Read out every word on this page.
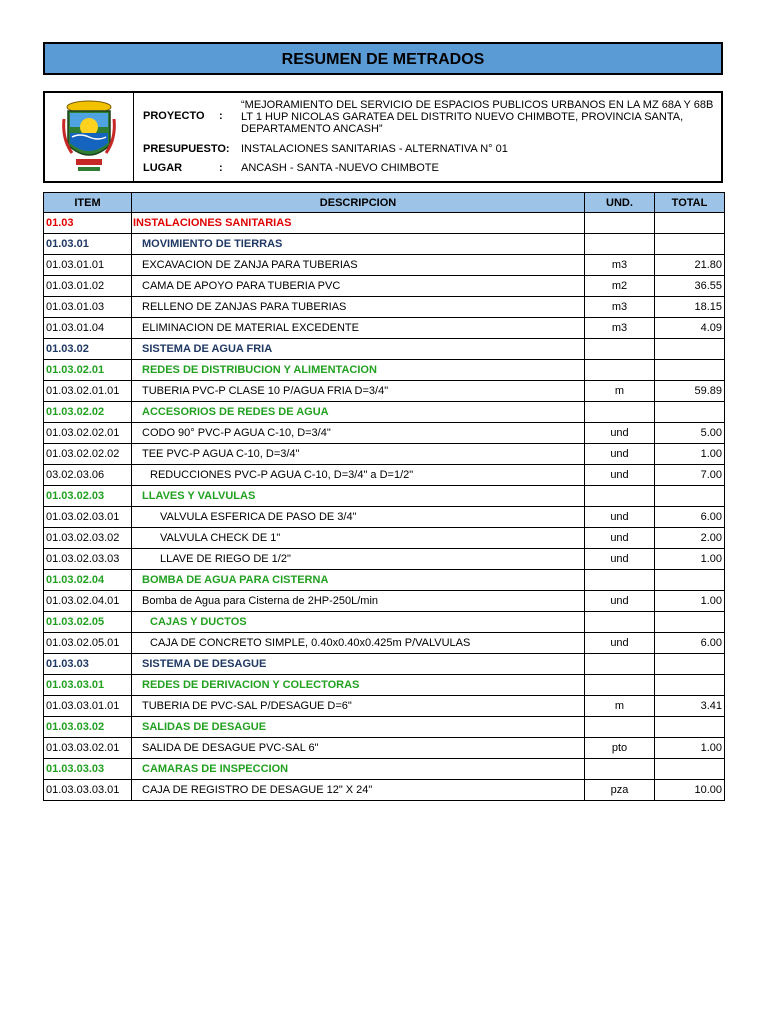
RESUMEN DE METRADOS
PROYECTO	:
“MEJORAMIENTO DEL SERVICIO DE ESPACIOS PUBLICOS URBANOS EN LA MZ 68A Y 68B LT 1 HUP NICOLAS GARATEA DEL DISTRITO NUEVO CHIMBOTE, PROVINCIA SANTA, DEPARTAMENTO ANCASH”
PRESUPUESTO:	INSTALACIONES SANITARIAS - ALTERNATIVA N° 01
LUGAR	: ANCASH - SANTA -NUEVO CHIMBOTE
ITEM	DESCRIPCION	UND.	TOTAL
01.03	INSTALACIONES SANITARIAS		
01.03.01	MOVIMIENTO DE TIERRAS		
01.03.01.01	EXCAVACION DE ZANJA PARA TUBERIAS	m3	21.80
01.03.01.02	CAMA DE APOYO PARA TUBERIA PVC	m2	36.55
01.03.01.03	RELLENO DE ZANJAS PARA TUBERIAS	m3	18.15
01.03.01.04	ELIMINACION DE MATERIAL EXCEDENTE	m3	4.09
01.03.02	SISTEMA DE AGUA FRIA		
01.03.02.01	REDES DE DISTRIBUCION Y ALIMENTACION		
01.03.02.01.01	TUBERIA PVC-P CLASE 10 P/AGUA FRIA D=3/4"	m	59.89
01.03.02.02	ACCESORIOS DE REDES DE AGUA		
01.03.02.02.01	CODO 90° PVC-P AGUA C-10, D=3/4"	und	5.00
01.03.02.02.02	TEE PVC-P AGUA C-10, D=3/4"	und	1.00
03.02.03.06	REDUCCIONES PVC-P AGUA C-10, D=3/4" a D=1/2"	und	7.00
01.03.02.03	LLAVES Y VALVULAS		
01.03.02.03.01	VALVULA ESFERICA DE PASO DE 3/4"	und	6.00
01.03.02.03.02	VALVULA CHECK DE 1"	und	2.00
01.03.02.03.03	LLAVE DE RIEGO DE 1/2"	und	1.00
01.03.02.04	BOMBA DE AGUA PARA CISTERNA		
01.03.02.04.01	Bomba de Agua para Cisterna de 2HP-250L/min	und	1.00
01.03.02.05	CAJAS Y DUCTOS		
01.03.02.05.01	CAJA DE CONCRETO SIMPLE, 0.40x0.40x0.425m P/VALVULAS	und	6.00
01.03.03	SISTEMA DE DESAGUE		
01.03.03.01	REDES DE DERIVACION Y COLECTORAS		
01.03.03.01.01	TUBERIA DE PVC-SAL P/DESAGUE D=6"	m	3.41
01.03.03.02	SALIDAS DE DESAGUE		
01.03.03.02.01	SALIDA DE DESAGUE PVC-SAL 6"	pto	1.00
01.03.03.03	CAMARAS DE INSPECCION		
01.03.03.03.01	CAJA DE REGISTRO DE DESAGUE 12" X 24"	pza	10.00
